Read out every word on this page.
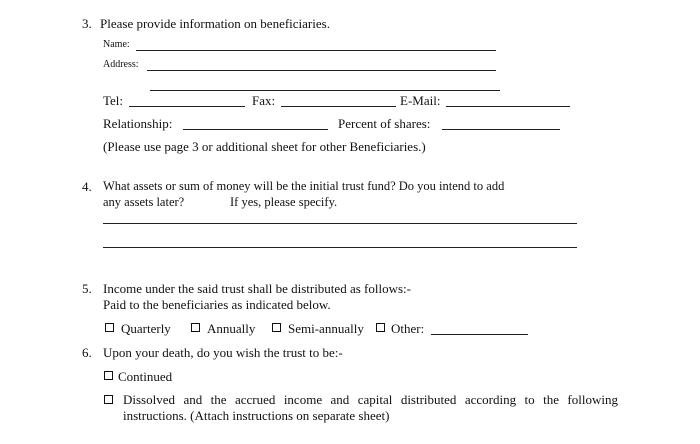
3. Please provide information on beneficiaries.
Name:
Address:
Tel:	Fax:	E-Mail:
Relationship:	Percent of shares:
(Please use page 3 or additional sheet for other Beneficiaries.)
4. What assets or sum of money will be the initial trust fund? Do you intend to add
any assets later?	If yes, please specify.
5. Income under the said trust shall be distributed as follows:-
Paid to the beneficiaries as indicated below.
Quarterly	Annually	Semi-annually Other:
6. Upon your death, do you wish the trust to be:-
Continued
Dissolved and the accrued income and capital distributed according to the following
instructions. (Attach instructions on separate sheet)
